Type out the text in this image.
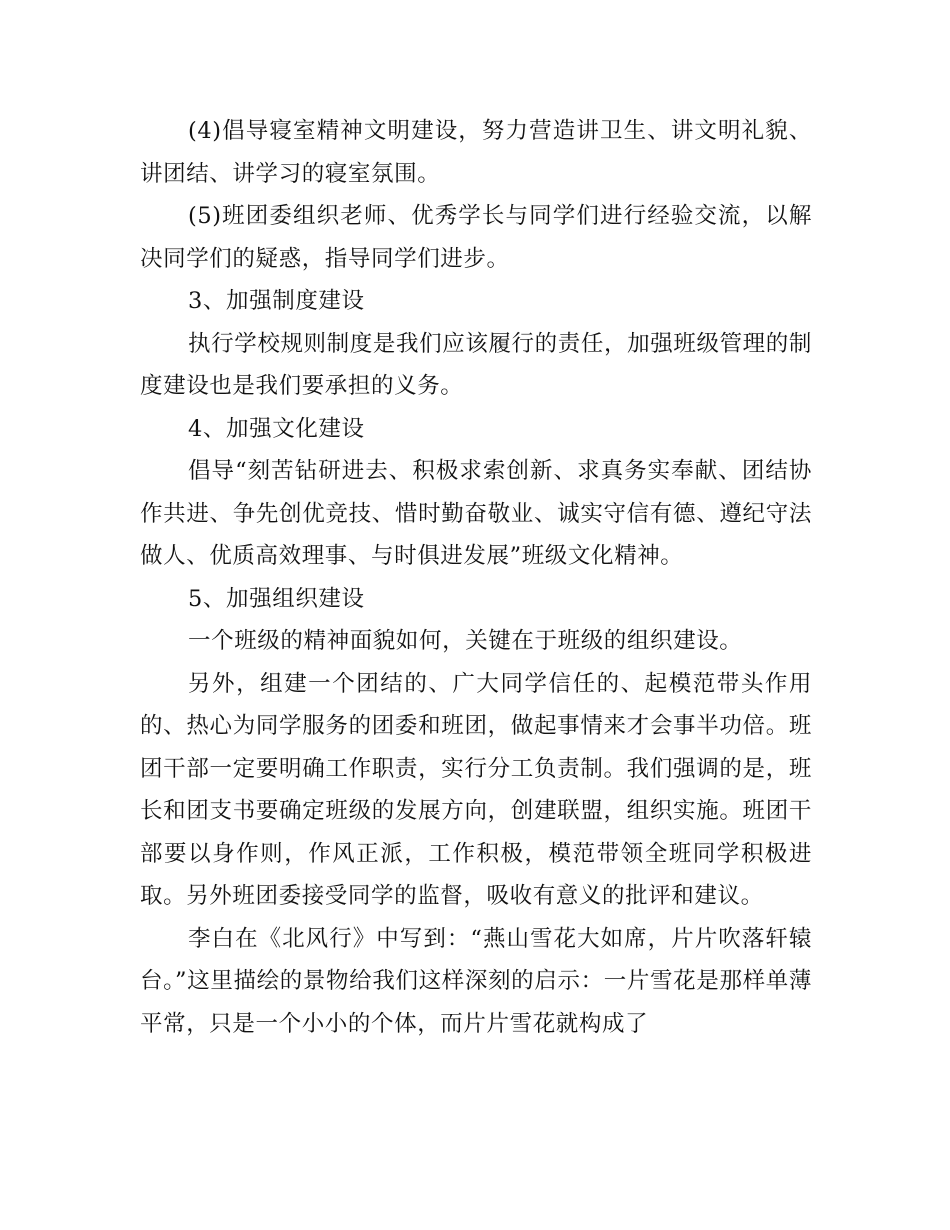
(4)倡导寝室精神文明建设，努力营造讲卫生、讲文明礼貌、讲团结、讲学习的寝室氛围。

(5)班团委组织老师、优秀学长与同学们进行经验交流，以解决同学们的疑惑，指导同学们进步。

3、加强制度建设

执行学校规则制度是我们应该履行的责任，加强班级管理的制度建设也是我们要承担的义务。

4、加强文化建设

倡导“刻苦钻研进去、积极求索创新、求真务实奉献、团结协作共进、争先创优竞技、惜时勤奋敬业、诚实守信有德、遵纪守法做人、优质高效理事、与时俱进发展”班级文化精神。

5、加强组织建设

一个班级的精神面貌如何，关键在于班级的组织建设。

另外，组建一个团结的、广大同学信任的、起模范带头作用的、热心为同学服务的团委和班团，做起事情来才会事半功倍。班团干部一定要明确工作职责，实行分工负责制。我们强调的是，班长和团支书要确定班级的发展方向，创建联盟，组织实施。班团干部要以身作则，作风正派，工作积极，模范带领全班同学积极进取。另外班团委接受同学的监督，吸收有意义的批评和建议。

李白在《北风行》中写到：“燕山雪花大如席，片片吹落轩辕台。”这里描绘的景物给我们这样深刻的启示：一片雪花是那样单薄平常，只是一个小小的个体，而片片雪花就构成了
